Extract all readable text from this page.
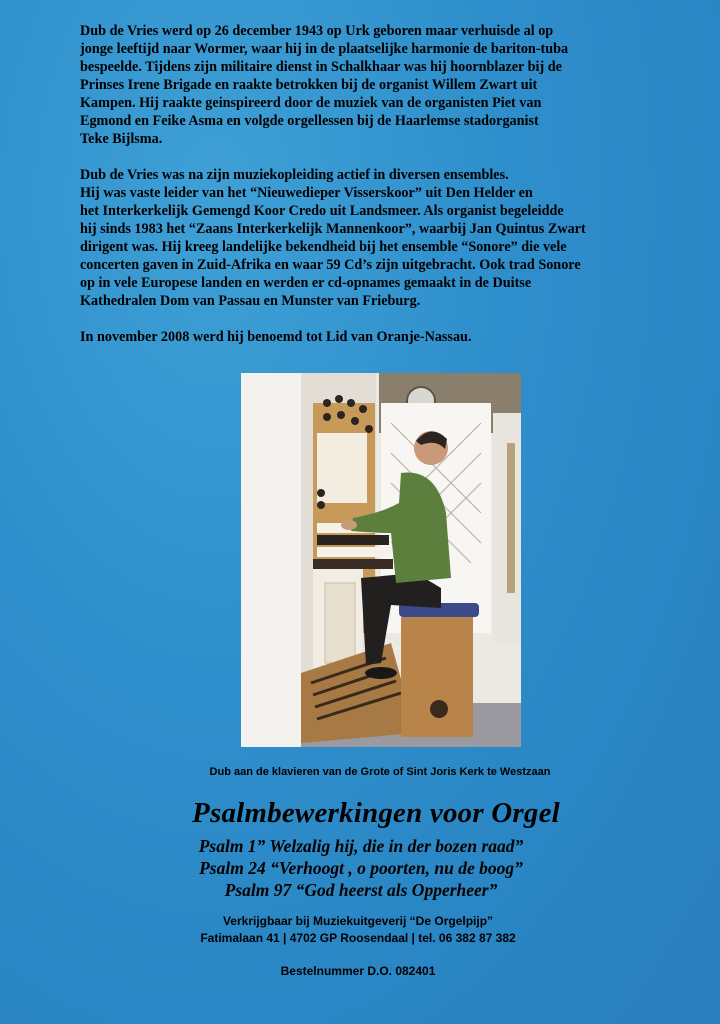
Dub de Vries werd op 26 december 1943 op Urk geboren maar verhuisde al op
jonge leeftijd naar Wormer, waar hij in de plaatselijke harmonie de bariton-tuba
bespeelde. Tijdens zijn militaire dienst in Schalkhaar was hij hoornblazer bij de
Prinses Irene Brigade en raakte betrokken bij de organist Willem Zwart uit
Kampen. Hij raakte geinspireerd door de muziek van de organisten Piet van
Egmond en Feike Asma en volgde orgellessen bij de Haarlemse stadorganist
Teke Bijlsma.

Dub de Vries was na zijn muziekopleiding actief in diversen ensembles.
Hij was vaste leider van het “Nieuwedieper Visserskoor” uit Den Helder en
het Interkerkelijk Gemengd Koor Credo uit Landsmeer. Als organist begeleidde
hij sinds 1983 het “Zaans Interkerkelijk Mannenkoor”, waarbij Jan Quintus Zwart
dirigent was. Hij kreeg landelijke bekendheid bij het ensemble “Sonore” die vele
concerten gaven in Zuid-Afrika en waar 59 Cd’s zijn uitgebracht. Ook trad Sonore
op in vele Europese landen en werden er cd-opnames gemaakt in de Duitse
Kathedralen Dom van Passau en Munster van Frieburg.

In november 2008 werd hij benoemd tot Lid van Oranje-Nassau.

Dub aan de klavieren van de Grote of Sint Joris Kerk te Westzaan
Psalmbewerkingen voor Orgel
Psalm 1” Welzalig hij, die in der bozen raad”
Psalm 24 “Verhoogt , o poorten, nu de boog”
Psalm 97 “God heerst als Opperheer”
Verkrijgbaar bij Muziekuitgeverij “De Orgelpijp”
Fatimalaan 41 | 4702 GP Roosendaal | tel. 06 382 87 382
Bestelnummer D.O. 082401
